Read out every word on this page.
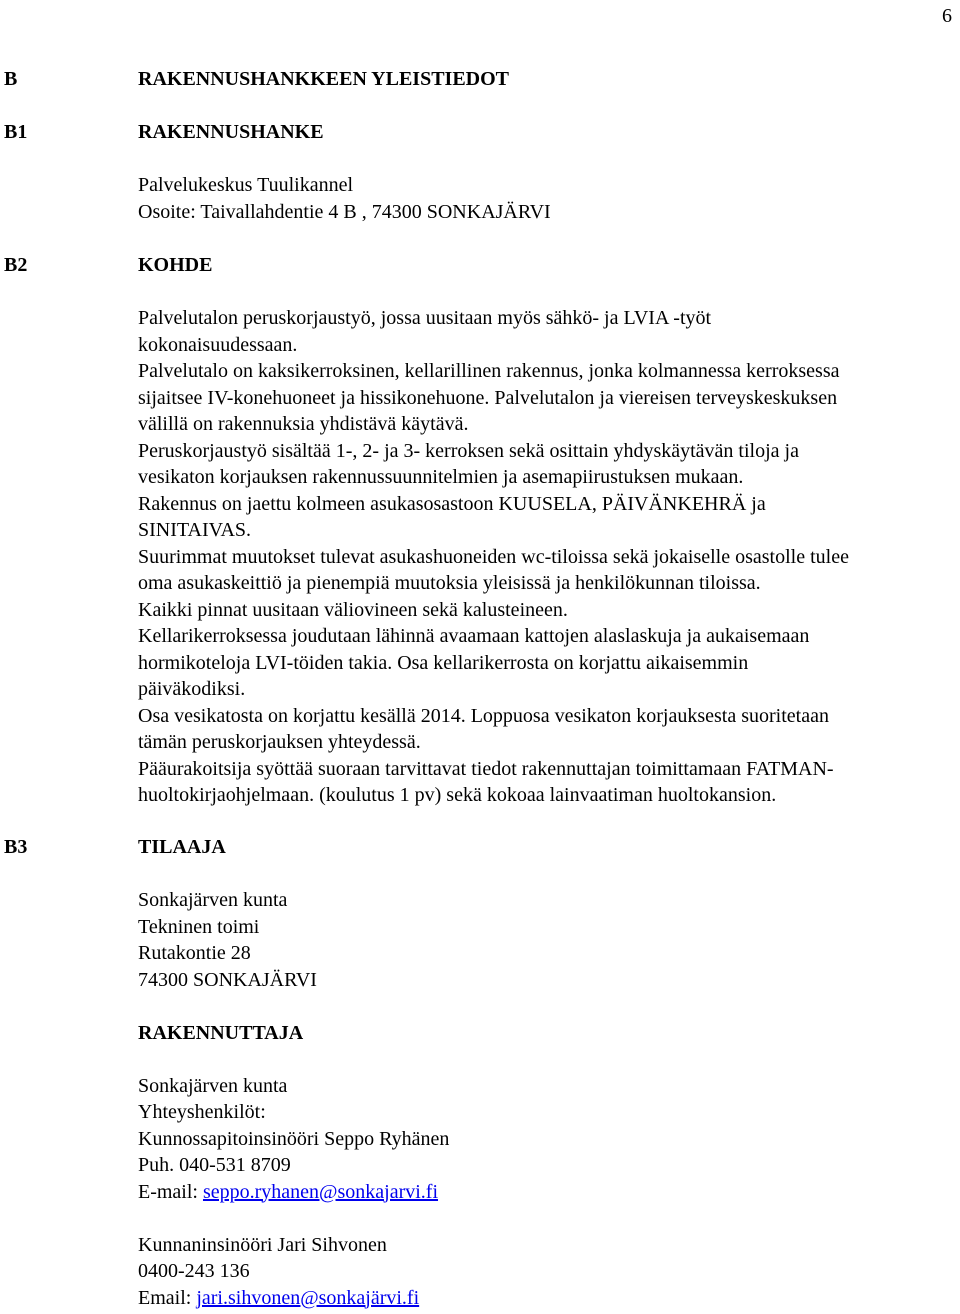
6
B	RAKENNUSHANKKEEN YLEISTIEDOT
B1	RAKENNUSHANKE

Palvelukeskus Tuulikannel

Osoite: Taivallahdentie 4 B , 74300 SONKAJÄRVI

B2	KOHDE

Palvelutalon peruskorjaustyö, jossa uusitaan myös sähkö- ja LVIA -työt

kokonaisuudessaan.

Palvelutalo on kaksikerroksinen, kellarillinen rakennus, jonka kolmannessa kerroksessa

sijaitsee IV-konehuoneet ja hissikonehuone. Palvelutalon ja viereisen terveyskeskuksen

välillä on rakennuksia yhdistävä käytävä.

Peruskorjaustyö sisältää 1-, 2- ja 3- kerroksen sekä osittain yhdyskäytävän tiloja ja

vesikaton korjauksen rakennussuunnitelmien ja asemapiirustuksen mukaan.

Rakennus on jaettu kolmeen asukasosastoon KUUSELA, PÄIVÄNKEHRÄ ja

SINITAIVAS.

Suurimmat muutokset tulevat asukashuoneiden wc-tiloissa sekä jokaiselle osastolle tulee

oma asukaskeittiö ja pienempiä muutoksia yleisissä ja henkilökunnan tiloissa.

Kaikki pinnat uusitaan väliovineen sekä kalusteineen.

Kellarikerroksessa joudutaan lähinnä avaamaan kattojen alaslaskuja ja aukaisemaan

hormikoteloja LVI-töiden takia. Osa kellarikerrosta on korjattu aikaisemmin

päiväkodiksi.

Osa vesikatosta on korjattu kesällä 2014. Loppuosa vesikaton korjauksesta suoritetaan

tämän peruskorjauksen yhteydessä.

Pääurakoitsija syöttää suoraan tarvittavat tiedot rakennuttajan toimittamaan FATMAN-

huoltokirjaohjelmaan. (koulutus 1 pv) sekä kokoaa lainvaatiman huoltokansion.

B3	TILAAJA

Sonkajärven kunta

Tekninen toimi

Rutakontie 28

74300 SONKAJÄRVI

RAKENNUTTAJA

Sonkajärven kunta

Yhteyshenkilöt:

Kunnossapitoinsinööri Seppo Ryhänen

Puh. 040-531 8709

E-mail: seppo.ryhanen@sonkajarvi.fi

Kunnaninsinööri Jari Sihvonen

0400-243 136

Email: jari.sihvonen@sonkajärvi.fi
